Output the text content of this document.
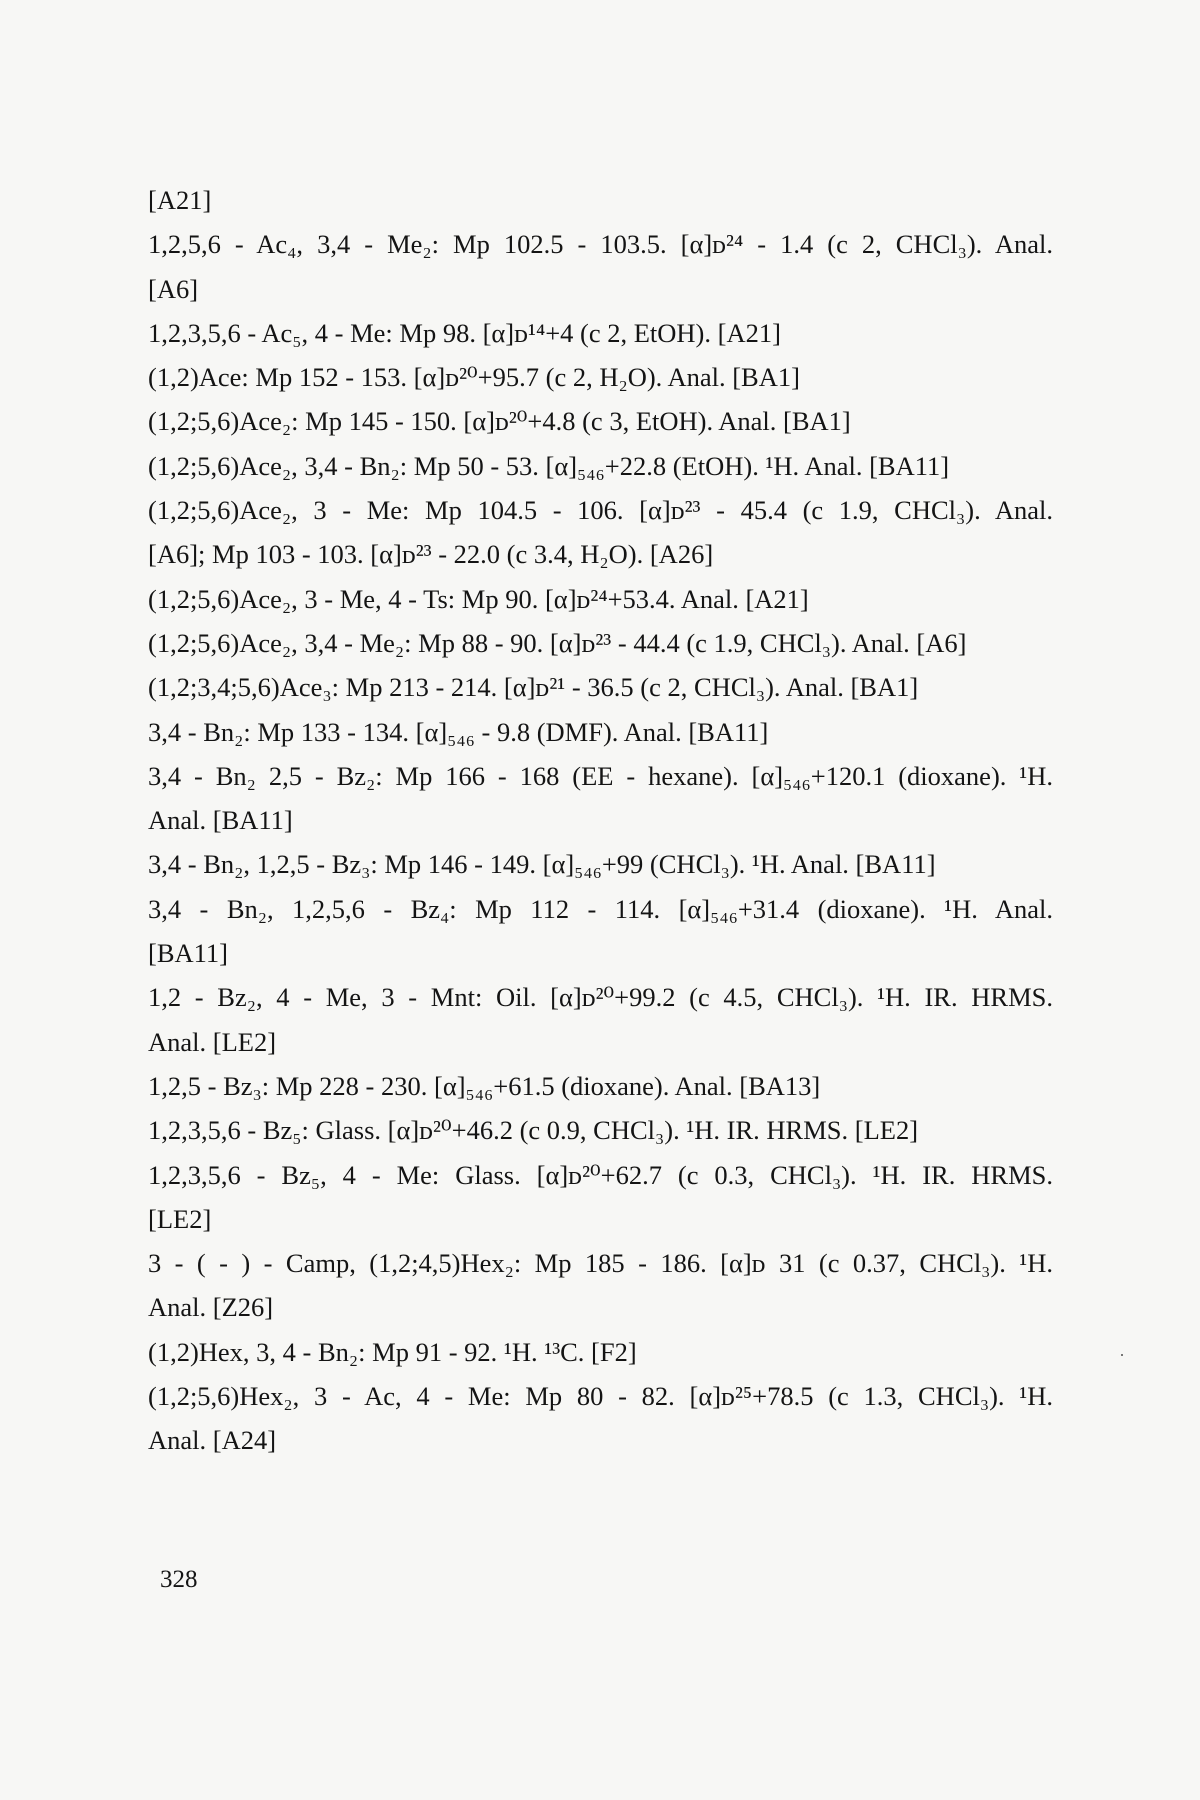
[A21]
1,2,5,6 - Ac₄, 3,4 - Me₂: Mp 102.5 - 103.5. [α]ᴅ²⁴ - 1.4 (c 2, CHCl₃). Anal.
[A6]
1,2,3,5,6 - Ac₅, 4 - Me: Mp 98. [α]ᴅ¹⁴+4 (c 2, EtOH). [A21]
(1,2)Ace: Mp 152 - 153. [α]ᴅ²⁰+95.7 (c 2, H₂O). Anal. [BA1]
(1,2;5,6)Ace₂: Mp 145 - 150. [α]ᴅ²⁰+4.8 (c 3, EtOH). Anal. [BA1]
(1,2;5,6)Ace₂, 3,4 - Bn₂: Mp 50 - 53. [α]₅₄₆+22.8 (EtOH). ¹H. Anal. [BA11]
(1,2;5,6)Ace₂, 3 - Me: Mp 104.5 - 106. [α]ᴅ²³ - 45.4 (c 1.9, CHCl₃). Anal.
[A6]; Mp 103 - 103. [α]ᴅ²³ - 22.0 (c 3.4, H₂O). [A26]
(1,2;5,6)Ace₂, 3 - Me, 4 - Ts: Mp 90. [α]ᴅ²⁴+53.4. Anal. [A21]
(1,2;5,6)Ace₂, 3,4 - Me₂: Mp 88 - 90. [α]ᴅ²³ - 44.4 (c 1.9, CHCl₃). Anal. [A6]
(1,2;3,4;5,6)Ace₃: Mp 213 - 214. [α]ᴅ²¹ - 36.5 (c 2, CHCl₃). Anal. [BA1]
3,4 - Bn₂: Mp 133 - 134. [α]₅₄₆ - 9.8 (DMF). Anal. [BA11]
3,4 - Bn₂ 2,5 - Bz₂: Mp 166 - 168 (EE - hexane). [α]₅₄₆+120.1 (dioxane). ¹H.
Anal. [BA11]
3,4 - Bn₂, 1,2,5 - Bz₃: Mp 146 - 149. [α]₅₄₆+99 (CHCl₃). ¹H. Anal. [BA11]
3,4 - Bn₂, 1,2,5,6 - Bz₄: Mp 112 - 114. [α]₅₄₆+31.4 (dioxane). ¹H. Anal.
[BA11]
1,2 - Bz₂, 4 - Me, 3 - Mnt: Oil. [α]ᴅ²⁰+99.2 (c 4.5, CHCl₃). ¹H. IR. HRMS.
Anal. [LE2]
1,2,5 - Bz₃: Mp 228 - 230. [α]₅₄₆+61.5 (dioxane). Anal. [BA13]
1,2,3,5,6 - Bz₅: Glass. [α]ᴅ²⁰+46.2 (c 0.9, CHCl₃). ¹H. IR. HRMS. [LE2]
1,2,3,5,6 - Bz₅, 4 - Me: Glass. [α]ᴅ²⁰+62.7 (c 0.3, CHCl₃). ¹H. IR. HRMS.
[LE2]
3 - ( - ) - Camp, (1,2;4,5)Hex₂: Mp 185 - 186. [α]ᴅ 31 (c 0.37, CHCl₃). ¹H.
Anal. [Z26]
(1,2)Hex, 3, 4 - Bn₂: Mp 91 - 92. ¹H. ¹³C. [F2]
(1,2;5,6)Hex₂, 3 - Ac, 4 - Me: Mp 80 - 82. [α]ᴅ²⁵+78.5 (c 1.3, CHCl₃). ¹H.
Anal. [A24]
328
